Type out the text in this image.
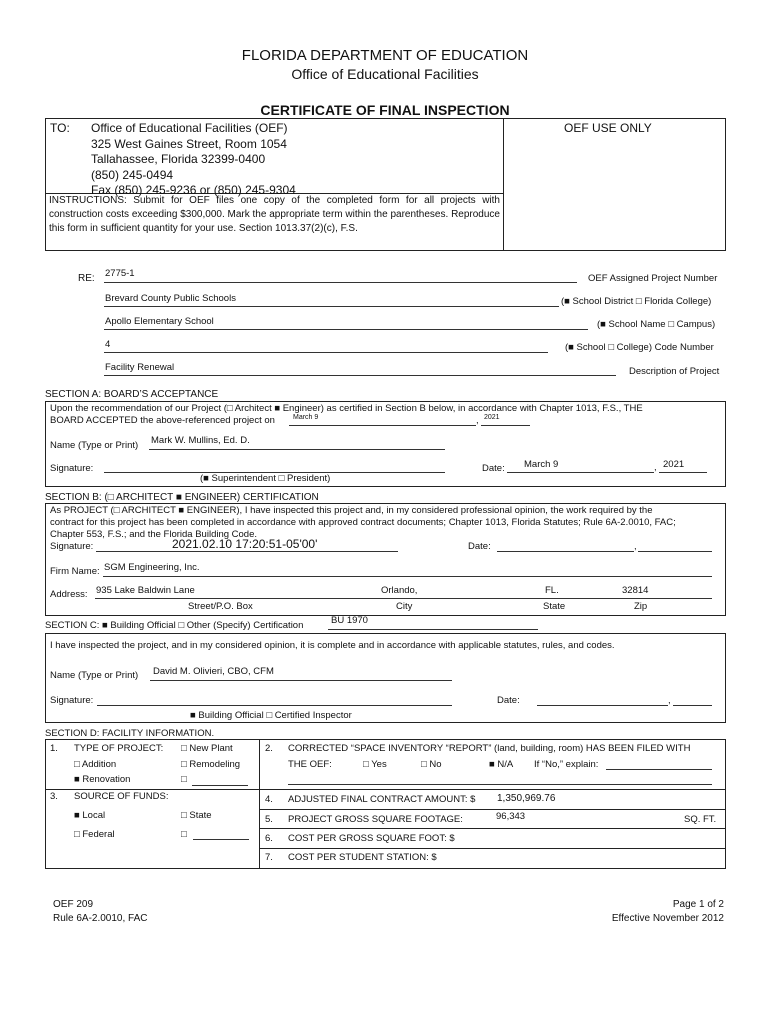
FLORIDA DEPARTMENT OF EDUCATION
Office of Educational Facilities
CERTIFICATE OF FINAL INSPECTION
TO: Office of Educational Facilities (OEF)
325 West Gaines Street, Room 1054
Tallahassee, Florida 32399-0400
(850) 245-0494
Fax (850) 245-9236 or (850) 245-9304
OEF USE ONLY
INSTRUCTIONS: Submit for OEF files one copy of the completed form for all projects with construction costs exceeding $300,000. Mark the appropriate term within the parentheses. Reproduce this form in sufficient quantity for your use. Section 1013.37(2)(c), F.S.
RE: 2775-1	OEF Assigned Project Number
Brevard County Public Schools	(■ School District □ Florida College)
Apollo Elementary School	(■ School Name □ Campus)
4	(■ School □ College) Code Number
Facility Renewal	Description of Project
SECTION A: BOARD’S ACCEPTANCE
Upon the recommendation of our Project (□ Architect ■ Engineer) as certified in Section B below, in accordance with Chapter 1013, F.S., THE
BOARD ACCEPTED the above-referenced project on	March 9	, 2021
Name (Type or Print) Mark W. Mullins, Ed. D.
Signature:	Date: March 9	, 2021
(■ Superintendent □ President)
SECTION B: (□ ARCHITECT ■ ENGINEER) CERTIFICATION
As PROJECT (□ ARCHITECT ■ ENGINEER), I have inspected this project and, in my considered professional opinion, the work required by the
contract for this project has been completed in accordance with approved contract documents; Chapter 1013, Florida Statutes; Rule 6A-2.0010, FAC;
Chapter 553, F.S.; and the Florida Building Code.
Signature:	2021.02.10 17:20:51-05'00'	Date:	,
Firm Name: SGM Engineering, Inc.
Address: 935 Lake Baldwin Lane	Orlando,	FL.	32814
Street/P.O. Box	City	State	Zip
SECTION C: ■ Building Official □ Other (Specify) Certification	BU 1970
I have inspected the project, and in my considered opinion, it is complete and in accordance with applicable statutes, rules, and codes.
Name (Type or Print) David M. Olivieri, CBO, CFM
Signature:	Date:	,
■ Building Official □ Certified Inspector
SECTION D: FACILITY INFORMATION.
1. TYPE OF PROJECT: □ New Plant
□ Addition	□ Remodeling
■ Renovation	□
2. CORRECTED “SPACE INVENTORY “REPORT” (land, building, room) HAS BEEN FILED WITH
THE OEF:	□ Yes	□ No	■ N/A If “No,” explain:
3. SOURCE OF FUNDS:
■ Local	□ State
□ Federal	□
4. ADJUSTED FINAL CONTRACT AMOUNT: $ 1,350,969.76
5. PROJECT GROSS SQUARE FOOTAGE:	96,343	SQ. FT.
6. COST PER GROSS SQUARE FOOT: $
7. COST PER STUDENT STATION: $
OEF 209
Rule 6A-2.0010, FAC
Page 1 of 2
Effective November 2012
